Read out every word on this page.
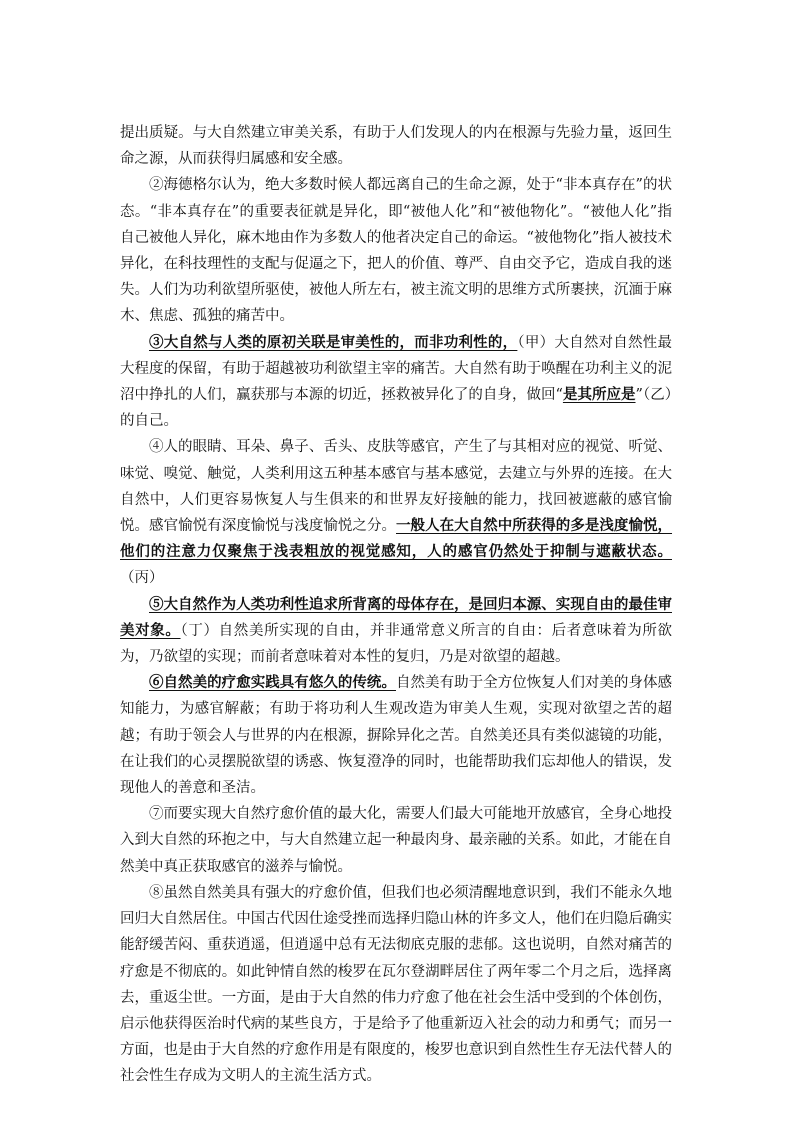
提出质疑。与大自然建立审美关系，有助于人们发现人的内在根源与先验力量，返回生命之源，从而获得归属感和安全感。

②海德格尔认为，绝大多数时候人都远离自己的生命之源，处于“非本真存在”的状态。“非本真存在”的重要表征就是异化，即“被他人化”和“被他物化”。“被他人化”指自己被他人异化，麻木地由作为多数人的他者决定自己的命运。“被他物化”指人被技术异化，在科技理性的支配与促逼之下，把人的价值、尊严、自由交予它，造成自我的迷失。人们为功利欲望所驱使，被他人所左右，被主流文明的思维方式所裹挟，沉湎于麻木、焦虑、孤独的痛苦中。

③大自然与人类的原初关联是审美性的，而非功利性的，（甲）大自然对自然性最大程度的保留，有助于超越被功利欲望主宰的痛苦。大自然有助于唤醒在功利主义的泥沼中挣扎的人们，赢获那与本源的切近，拯救被异化了的自身，做回“是其所应是”（乙）的自己。

④人的眼睛、耳朵、鼻子、舌头、皮肤等感官，产生了与其相对应的视觉、听觉、味觉、嗅觉、触觉，人类利用这五种基本感官与基本感觉，去建立与外界的连接。在大自然中，人们更容易恢复人与生俱来的和世界友好接触的能力，找回被遮蔽的感官愉悦。感官愉悦有深度愉悦与浅度愉悦之分。一般人在大自然中所获得的多是浅度愉悦，他们的注意力仅聚焦于浅表粗放的视觉感知，人的感官仍然处于抑制与遮蔽状态。（丙）

⑤大自然作为人类功利性追求所背离的母体存在，是回归本源、实现自由的最佳审美对象。（丁）自然美所实现的自由，并非通常意义所言的自由：后者意味着为所欲为，乃欲望的实现；而前者意味着对本性的复归，乃是对欲望的超越。

⑥自然美的疗愈实践具有悠久的传统。自然美有助于全方位恢复人们对美的身体感知能力，为感官解蔽；有助于将功利人生观改造为审美人生观，实现对欲望之苦的超越；有助于领会人与世界的内在根源，摒除异化之苦。自然美还具有类似滤镜的功能，在让我们的心灵摆脱欲望的诱惑、恢复澄净的同时，也能帮助我们忘却他人的错误，发现他人的善意和圣洁。

⑦而要实现大自然疗愈价值的最大化，需要人们最大可能地开放感官，全身心地投入到大自然的环抱之中，与大自然建立起一种最肉身、最亲融的关系。如此，才能在自然美中真正获取感官的滋养与愉悦。

⑧虽然自然美具有强大的疗愈价值，但我们也必须清醒地意识到，我们不能永久地回归大自然居住。中国古代因仕途受挫而选择归隐山林的许多文人，他们在归隐后确实能舒缓苦闷、重获逍遥，但逍遥中总有无法彻底克服的悲郁。这也说明，自然对痛苦的疗愈是不彻底的。如此钟情自然的梭罗在瓦尔登湖畔居住了两年零二个月之后，选择离去，重返尘世。一方面，是由于大自然的伟力疗愈了他在社会生活中受到的个体创伤，启示他获得医治时代病的某些良方，于是给予了他重新迈入社会的动力和勇气；而另一方面，也是由于大自然的疗愈作用是有限度的，梭罗也意识到自然性生存无法代替人的社会性生存成为文明人的主流生活方式。
